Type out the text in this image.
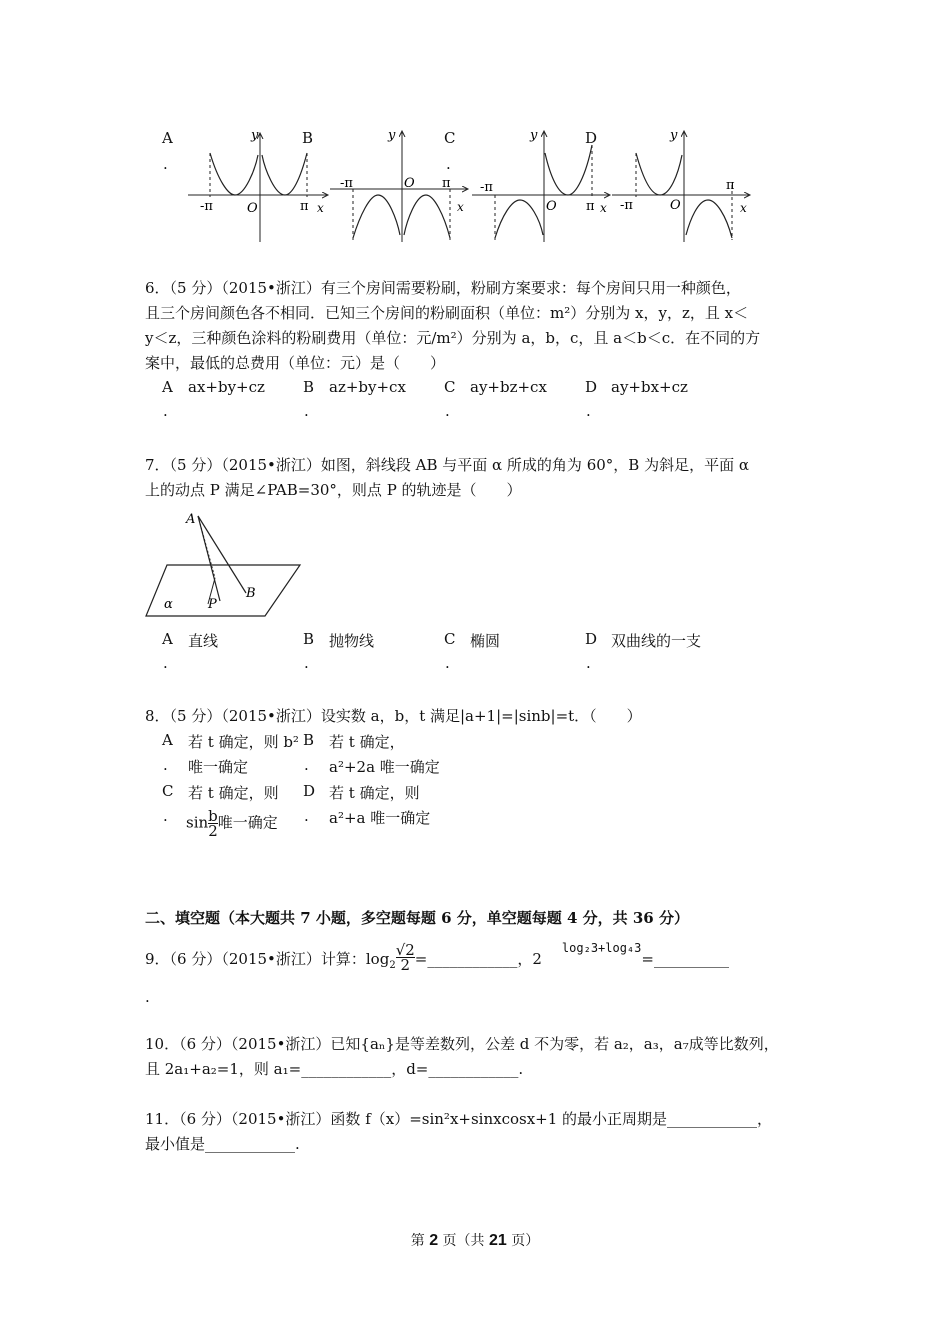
A
.
B	C
.
D
y
x
O
-π	π
y
x
O
-π	π
y
x
O
-π
π
y
x
O
-π
π
6．（5 分）（2015•浙江）有三个房间需要粉刷，粉刷方案要求：每个房间只用一种颜色，
且三个房间颜色各不相同．已知三个房间的粉刷面积（单位：m²）分别为 x，y，z，且 x＜
y＜z，三种颜色涂料的粉刷费用（单位：元/m²）分别为 a，b，c，且 a＜b＜c．在不同的方
案中，最低的总费用（单位：元）是（　　）
A ax+by+cz
.
B az+by+cx
.
C ay+bz+cx
.
D ay+bx+cz
.
7．（5 分）（2015•浙江）如图，斜线段 AB 与平面 α 所成的角为 60°，B 为斜足，平面 α
上的动点 P 满足∠PAB=30°，则点 P 的轨迹是（　　）
A
B
P
α
A 直线
.
B 抛物线
.
C 椭圆
.
D 双曲线的一支
.
8．（5 分）（2015•浙江）设实数 a，b，t 满足|a+1|=|sinb|=t．（　　）
A 若 t 确定，则 b²
. 唯一确定
B 若 t 确定，
. a²+2a 唯一确定
C 若 t 确定，则
. $\sin \frac{b}{2}$ 唯一确定
D 若 t 确定，则
. a²+a 唯一确定
二、填空题（本大题共 7 小题，多空题每题 6 分，单空题每题 4 分，共 36 分）
9．（6 分）（2015•浙江）计算：$\log_2 \frac{√2}{2}$ =____________，$2^{log_23+log_43}=\_\_\_\_\_\_\_\_\_\_$
.
10．（6 分）（2015•浙江）已知{aₙ}是等差数列，公差 d 不为零，若 a₂，a₃，a₇成等比数列，
且 2a₁+a₂=1，则 a₁=____________，d=____________.
11．（6 分）（2015•浙江）函数 f（x）=sin²x+sinxcosx+1 的最小正周期是____________，
最小值是____________.
第 2 页（共 21 页）
